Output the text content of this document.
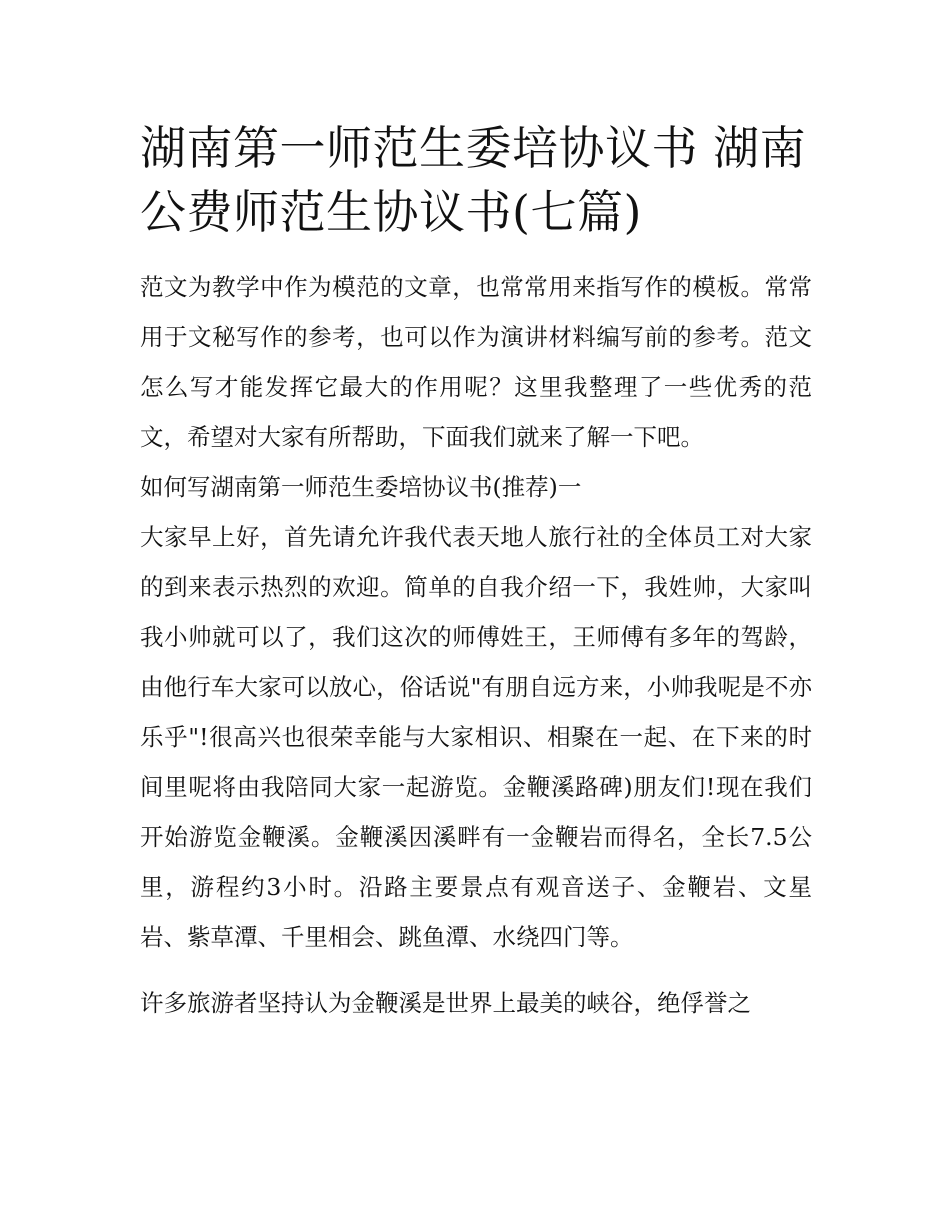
湖南第一师范生委培协议书 湖南公费师范生协议书(七篇)

范文为教学中作为模范的文章，也常常用来指写作的模板。常常用于文秘写作的参考，也可以作为演讲材料编写前的参考。范文怎么写才能发挥它最大的作用呢？这里我整理了一些优秀的范文，希望对大家有所帮助，下面我们就来了解一下吧。

如何写湖南第一师范生委培协议书(推荐)一

大家早上好，首先请允许我代表天地人旅行社的全体员工对大家的到来表示热烈的欢迎。简单的自我介绍一下，我姓帅，大家叫我小帅就可以了，我们这次的师傅姓王，王师傅有多年的驾龄，由他行车大家可以放心，俗话说"有朋自远方来，小帅我呢是不亦乐乎"!很高兴也很荣幸能与大家相识、相聚在一起、在下来的时间里呢将由我陪同大家一起游览。金鞭溪路碑)朋友们!现在我们开始游览金鞭溪。金鞭溪因溪畔有一金鞭岩而得名，全长7.5公里，游程约3小时。沿路主要景点有观音送子、金鞭岩、文星岩、紫草潭、千里相会、跳鱼潭、水绕四门等。

许多旅游者坚持认为金鞭溪是世界上最美的峡谷，绝俘誉之
